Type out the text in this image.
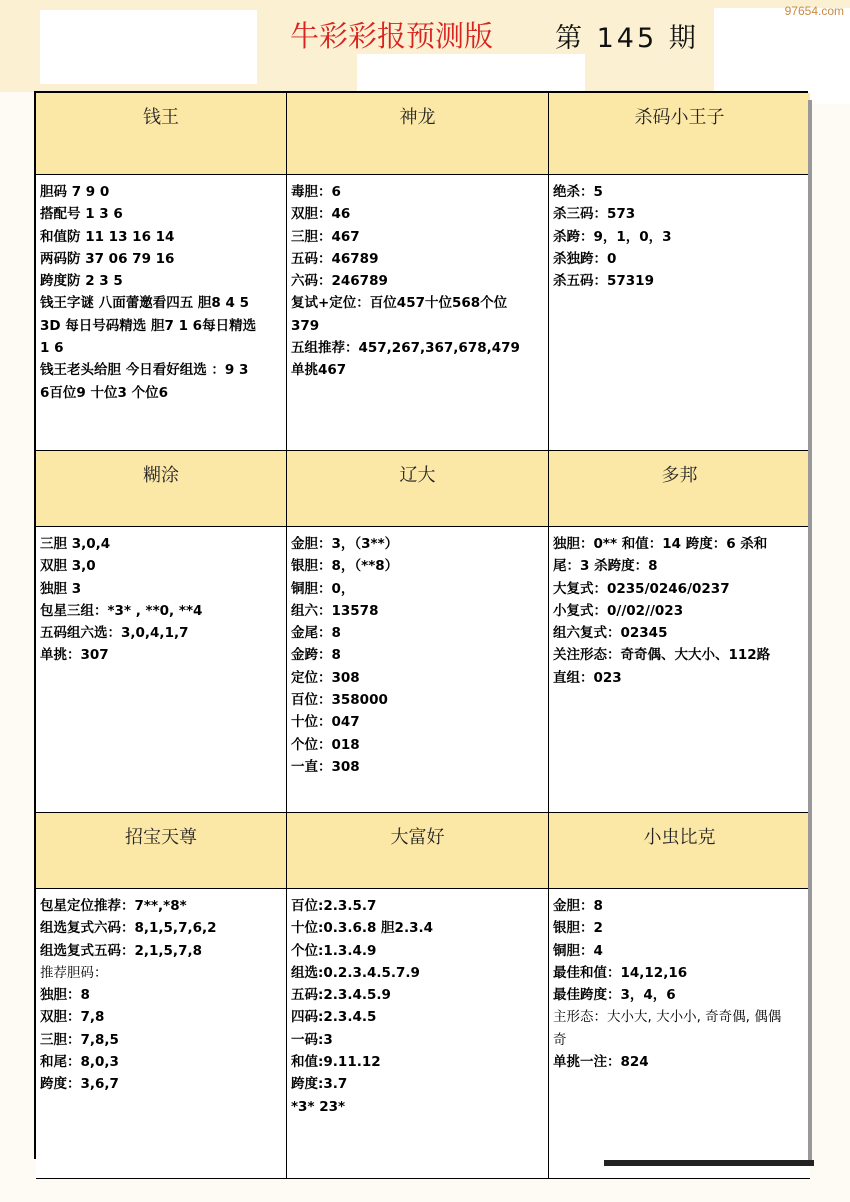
牛彩彩报预测版 第 145 期
97654.com
钱王
胆码 7 9 0
搭配号 1 3 6
和值防 11 13 16 14
两码防 37 06 79 16
跨度防 2 3 5
钱王字谜 八面蕾邀看四五 胆8 4 5
3D 每日号码精选 胆7 1 6每日精选
1 6
钱王老头给胆 今日看好组选 ：9 3
6百位9 十位3 个位6
神龙
毒胆：6
双胆：46
三胆：467
五码：46789
六码：246789
复试+定位：百位457十位568个位
379
五组推荐：457,267,367,678,479
单挑467
杀码小王子
绝杀：5
杀三码：573
杀跨：9，1，0，3
杀独跨：0
杀五码：57319
糊涂
三胆 3,0,4
双胆 3,0
独胆 3
包星三组：*3* , **0, **4
五码组六选：3,0,4,1,7
单挑：307
辽大
金胆：3，（3**）
银胆：8，（**8）
铜胆：0，
组六：13578
金尾：8
金跨：8
定位：308
百位：358000
十位：047
个位：018
一直：308
多邦
独胆：0** 和值：14 跨度：6 杀和
尾：3 杀跨度：8
大复式：0235/0246/0237
小复式：0//02//023
组六复式：02345
关注形态：奇奇偶、大大小、112路
直组：023
招宝天尊
包星定位推荐：7**,*8*
组选复式六码：8,1,5,7,6,2
组选复式五码：2,1,5,7,8
推荐胆码：
独胆：8
双胆：7,8
三胆：7,8,5
和尾：8,0,3
跨度：3,6,7
大富好
百位:2.3.5.7
十位:0.3.6.8 胆2.3.4
个位:1.3.4.9
组选:0.2.3.4.5.7.9
五码:2.3.4.5.9
四码:2.3.4.5
一码:3
和值:9.11.12
跨度:3.7
*3* 23*
小虫比克
金胆：8
银胆：2
铜胆：4
最佳和值：14,12,16
最佳跨度：3，4，6
主形态：大小大, 大小小, 奇奇偶, 偶偶
奇
单挑一注：824
